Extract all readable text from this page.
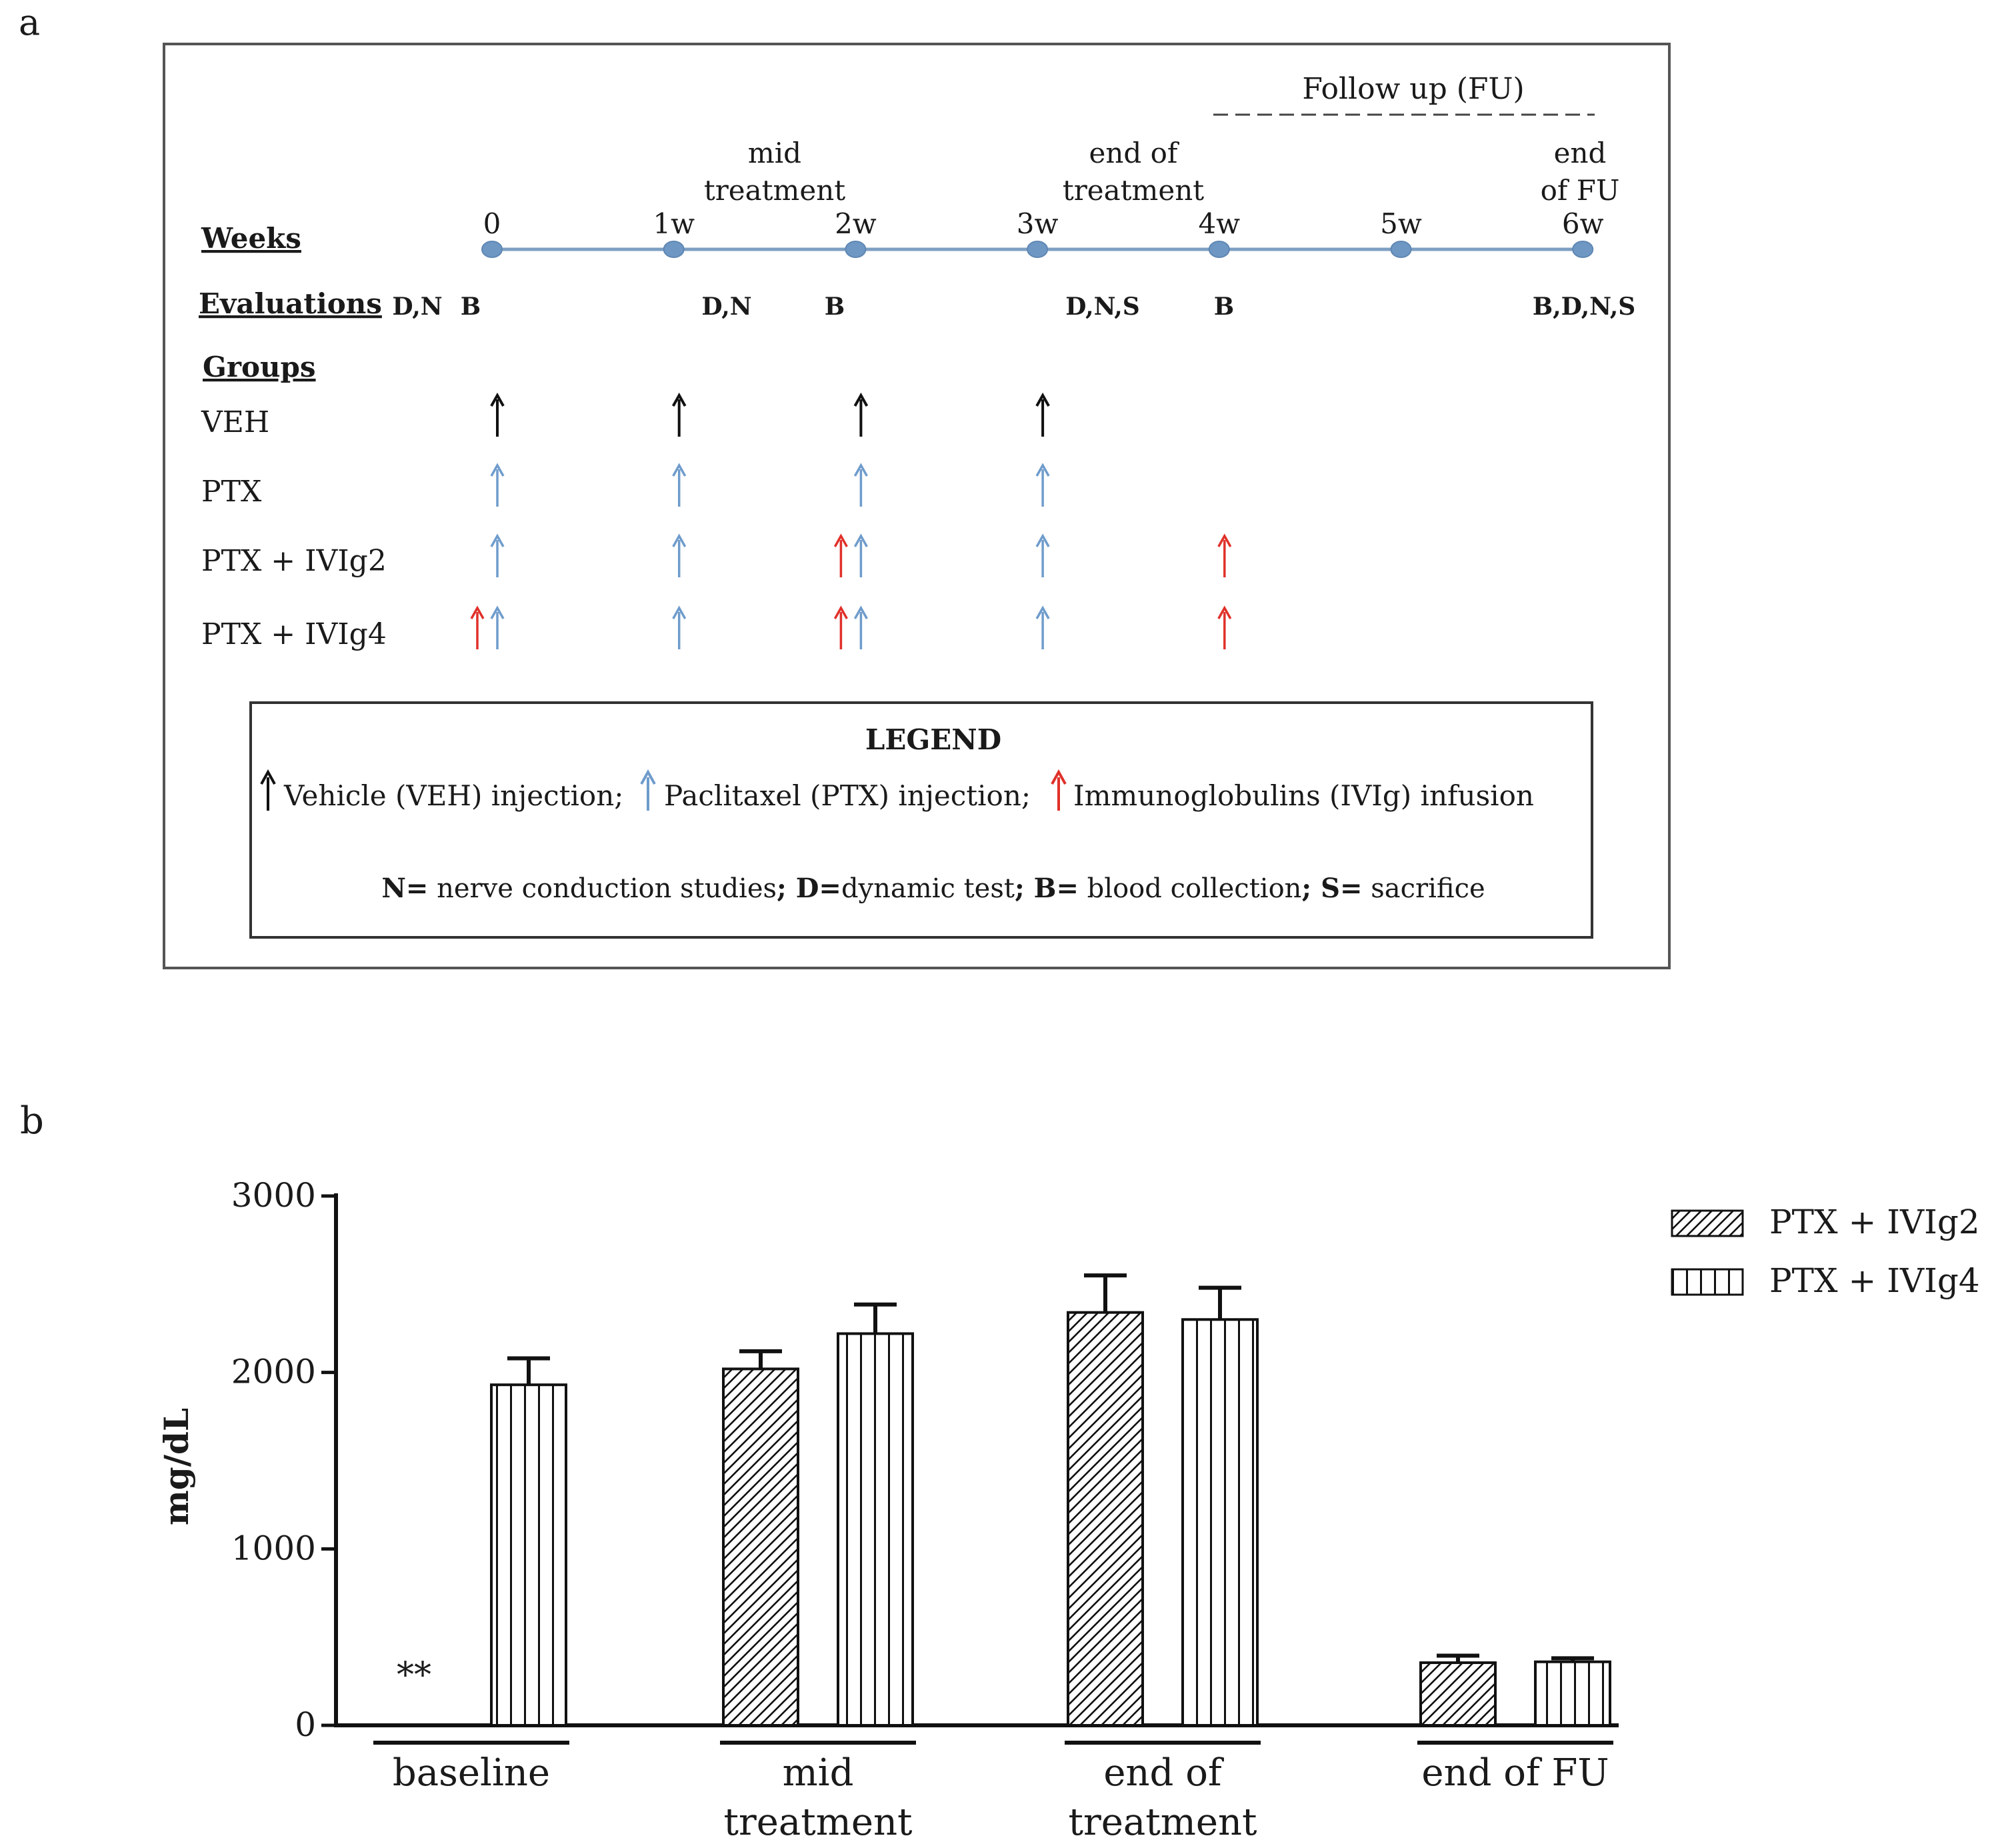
a
Follow up (FU)
mid
treatment
end of
treatment
end
of FU
Weeks
Evaluations
Groups
0	1w	2w	3w	4w	5w	6w
D,N B	D,N	B	D,N,S	B	B,D,N,S
VEH
PTX
PTX + IVIg2
PTX + IVIg4
LEGEND
Vehicle (VEH) injection; Paclitaxel (PTX) injection; Immunoglobulins (IVIg) infusion
N= nerve conduction studies; D=dynamic test; B= blood collection; S= sacrifice
b
mg/dL
0
1000
2000
3000
baseline	mid
treatment
end of
treatment
end of FU
**
PTX + IVIg2
PTX + IVIg4
